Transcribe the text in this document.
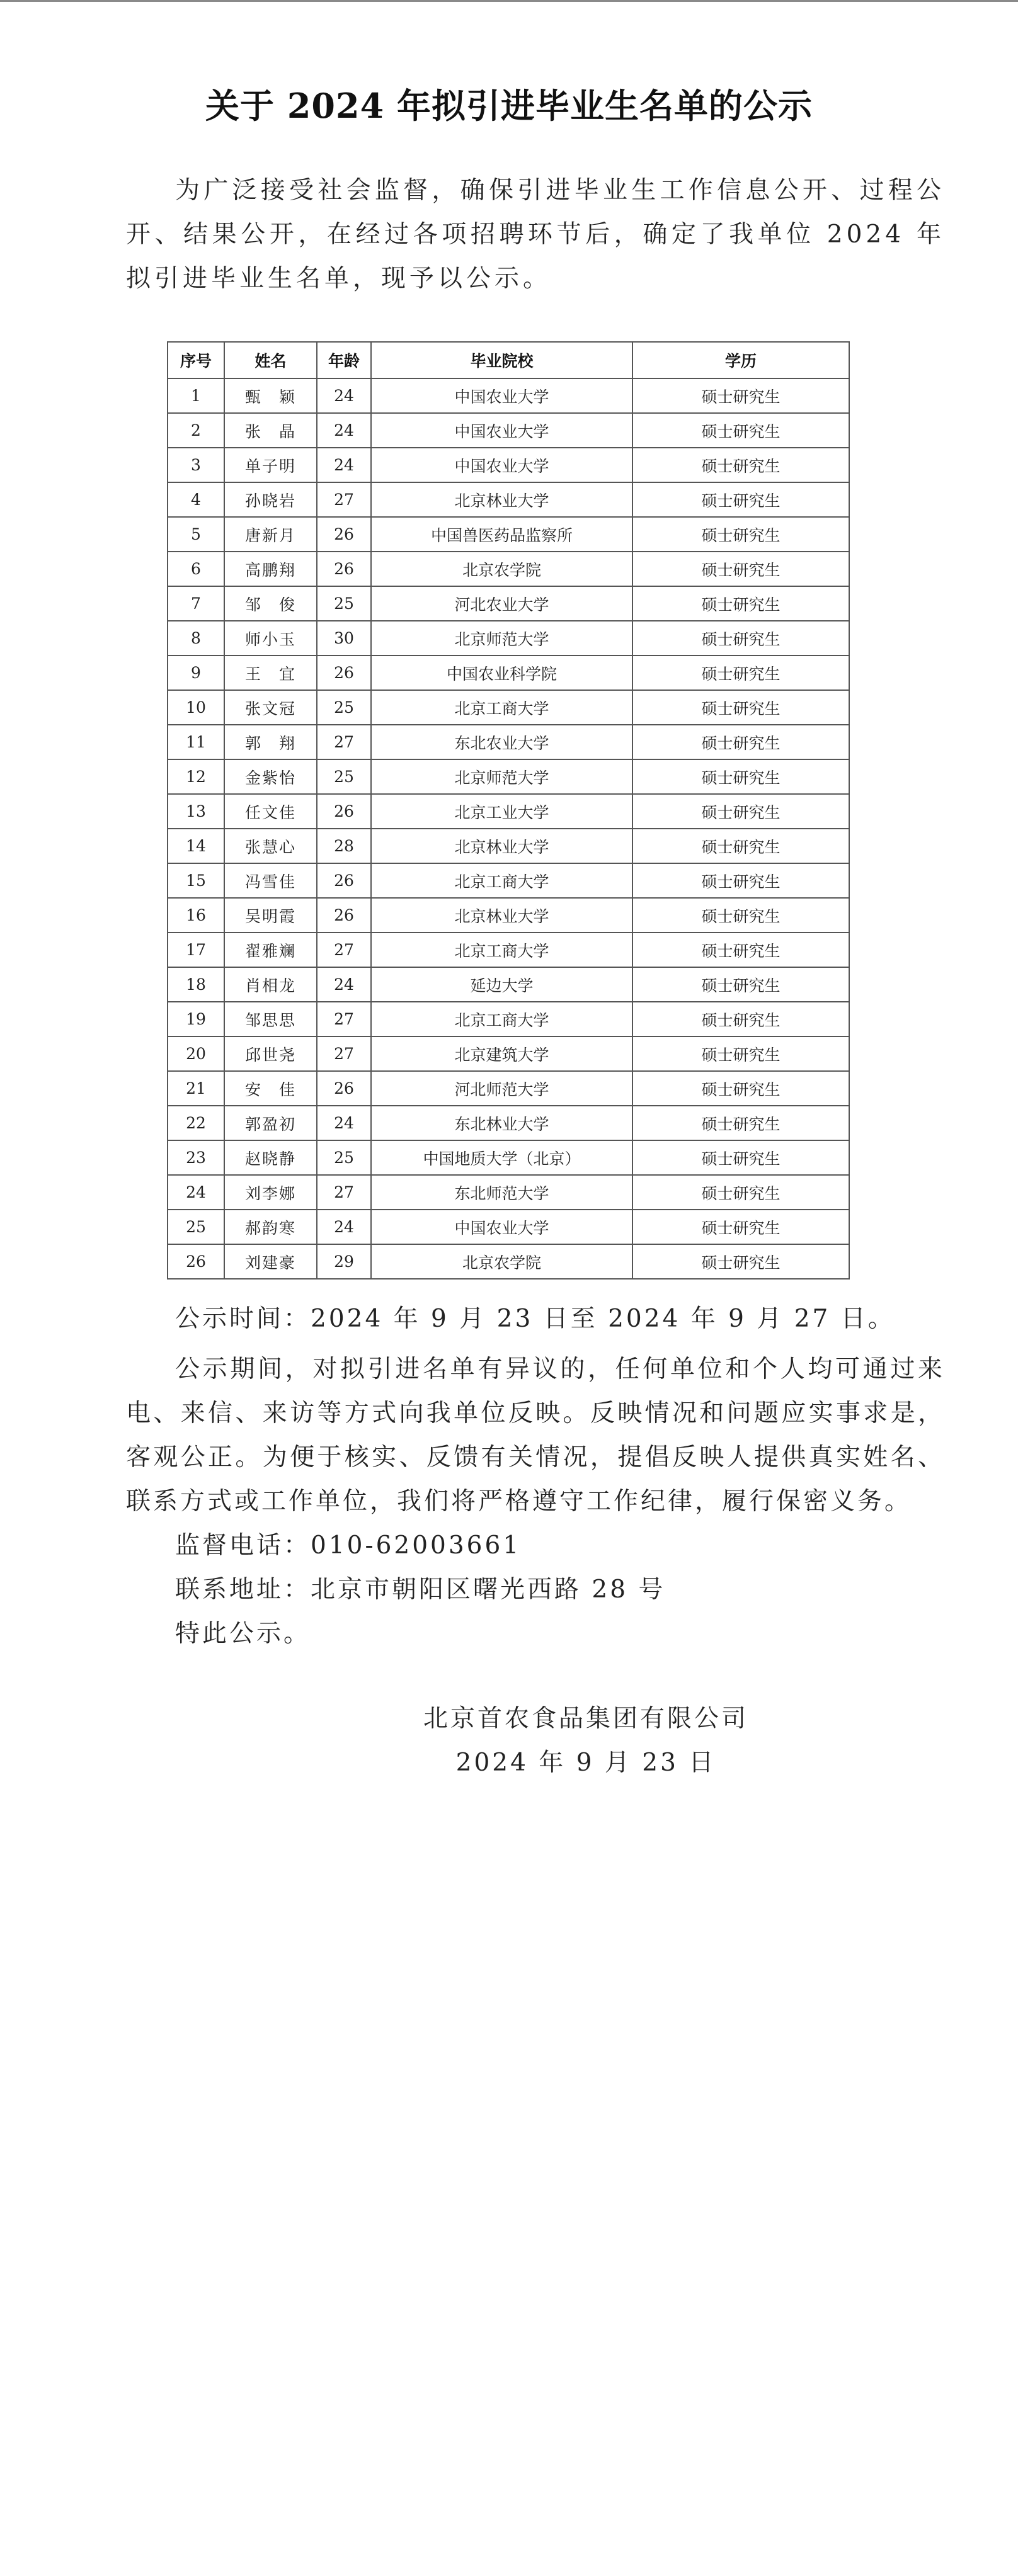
关于 2024 年拟引进毕业生名单的公示

为广泛接受社会监督，确保引进毕业生工作信息公开、过程公开、结果公开，在经过各项招聘环节后，确定了我单位 2024 年拟引进毕业生名单，现予以公示。

序号	姓名	年龄	毕业院校	学历
1	甄　颖	24	中国农业大学	硕士研究生
2	张　晶	24	中国农业大学	硕士研究生
3	单子明	24	中国农业大学	硕士研究生
4	孙晓岩	27	北京林业大学	硕士研究生
5	唐新月	26	中国兽医药品监察所	硕士研究生
6	高鹏翔	26	北京农学院	硕士研究生
7	邹　俊	25	河北农业大学	硕士研究生
8	师小玉	30	北京师范大学	硕士研究生
9	王　宜	26	中国农业科学院	硕士研究生
10	张文冠	25	北京工商大学	硕士研究生
11	郭　翔	27	东北农业大学	硕士研究生
12	金紫怡	25	北京师范大学	硕士研究生
13	任文佳	26	北京工业大学	硕士研究生
14	张慧心	28	北京林业大学	硕士研究生
15	冯雪佳	26	北京工商大学	硕士研究生
16	吴明霞	26	北京林业大学	硕士研究生
17	翟雅斓	27	北京工商大学	硕士研究生
18	肖相龙	24	延边大学	硕士研究生
19	邹思思	27	北京工商大学	硕士研究生
20	邱世尧	27	北京建筑大学	硕士研究生
21	安　佳	26	河北师范大学	硕士研究生
22	郭盈初	24	东北林业大学	硕士研究生
23	赵晓静	25	中国地质大学（北京）	硕士研究生
24	刘李娜	27	东北师范大学	硕士研究生
25	郝韵寒	24	中国农业大学	硕士研究生
26	刘建豪	29	北京农学院	硕士研究生

公示时间：2024 年 9 月 23 日至 2024 年 9 月 27 日。

公示期间，对拟引进名单有异议的，任何单位和个人均可通过来电、来信、来访等方式向我单位反映。反映情况和问题应实事求是，客观公正。为便于核实、反馈有关情况，提倡反映人提供真实姓名、联系方式或工作单位，我们将严格遵守工作纪律，履行保密义务。

监督电话：010-62003661

联系地址：北京市朝阳区曙光西路 28 号

特此公示。

北京首农食品集团有限公司
2024 年 9 月 23 日
